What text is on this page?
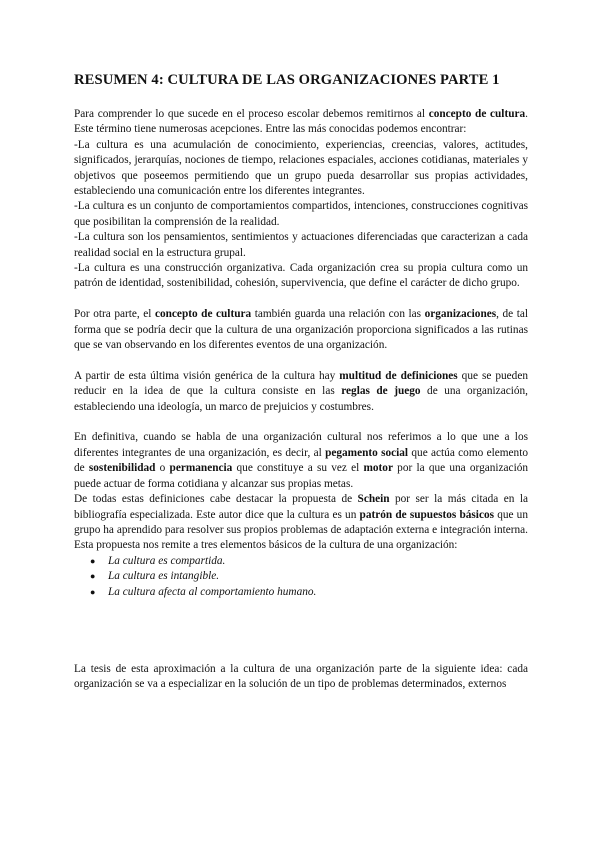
RESUMEN 4: CULTURA DE LAS ORGANIZACIONES PARTE 1

Para comprender lo que sucede en el proceso escolar debemos remitirnos al concepto de cultura. Este término tiene numerosas acepciones. Entre las más conocidas podemos encontrar:

-La cultura es una acumulación de conocimiento, experiencias, creencias, valores, actitudes, significados, jerarquías, nociones de tiempo, relaciones espaciales, acciones cotidianas, materiales y objetivos que poseemos permitiendo que un grupo pueda desarrollar sus propias actividades, estableciendo una comunicación entre los diferentes integrantes.

-La cultura es un conjunto de comportamientos compartidos, intenciones, construcciones cognitivas que posibilitan la comprensión de la realidad.

-La cultura son los pensamientos, sentimientos y actuaciones diferenciadas que caracterizan a cada realidad social en la estructura grupal.

-La cultura es una construcción organizativa. Cada organización crea su propia cultura como un patrón de identidad, sostenibilidad, cohesión, supervivencia, que define el carácter de dicho grupo.

Por otra parte, el concepto de cultura también guarda una relación con las organizaciones, de tal forma que se podría decir que la cultura de una organización proporciona significados a las rutinas que se van observando en los diferentes eventos de una organización.

A partir de esta última visión genérica de la cultura hay multitud de definiciones que se pueden reducir en la idea de que la cultura consiste en las reglas de juego de una organización, estableciendo una ideología, un marco de prejuicios y costumbres.

En definitiva, cuando se habla de una organización cultural nos referimos a lo que une a los diferentes integrantes de una organización, es decir, al pegamento social que actúa como elemento de sostenibilidad o permanencia que constituye a su vez el motor por la que una organización puede actuar de forma cotidiana y alcanzar sus propias metas.

De todas estas definiciones cabe destacar la propuesta de Schein por ser la más citada en la bibliografía especializada. Este autor dice que la cultura es un patrón de supuestos básicos que un grupo ha aprendido para resolver sus propios problemas de adaptación externa e integración interna. Esta propuesta nos remite a tres elementos básicos de la cultura de una organización:

● La cultura es compartida.
● La cultura es intangible.
● La cultura afecta al comportamiento humano.

La tesis de esta aproximación a la cultura de una organización parte de la siguiente idea: cada organización se va a especializar en la solución de un tipo de problemas determinados, externos
